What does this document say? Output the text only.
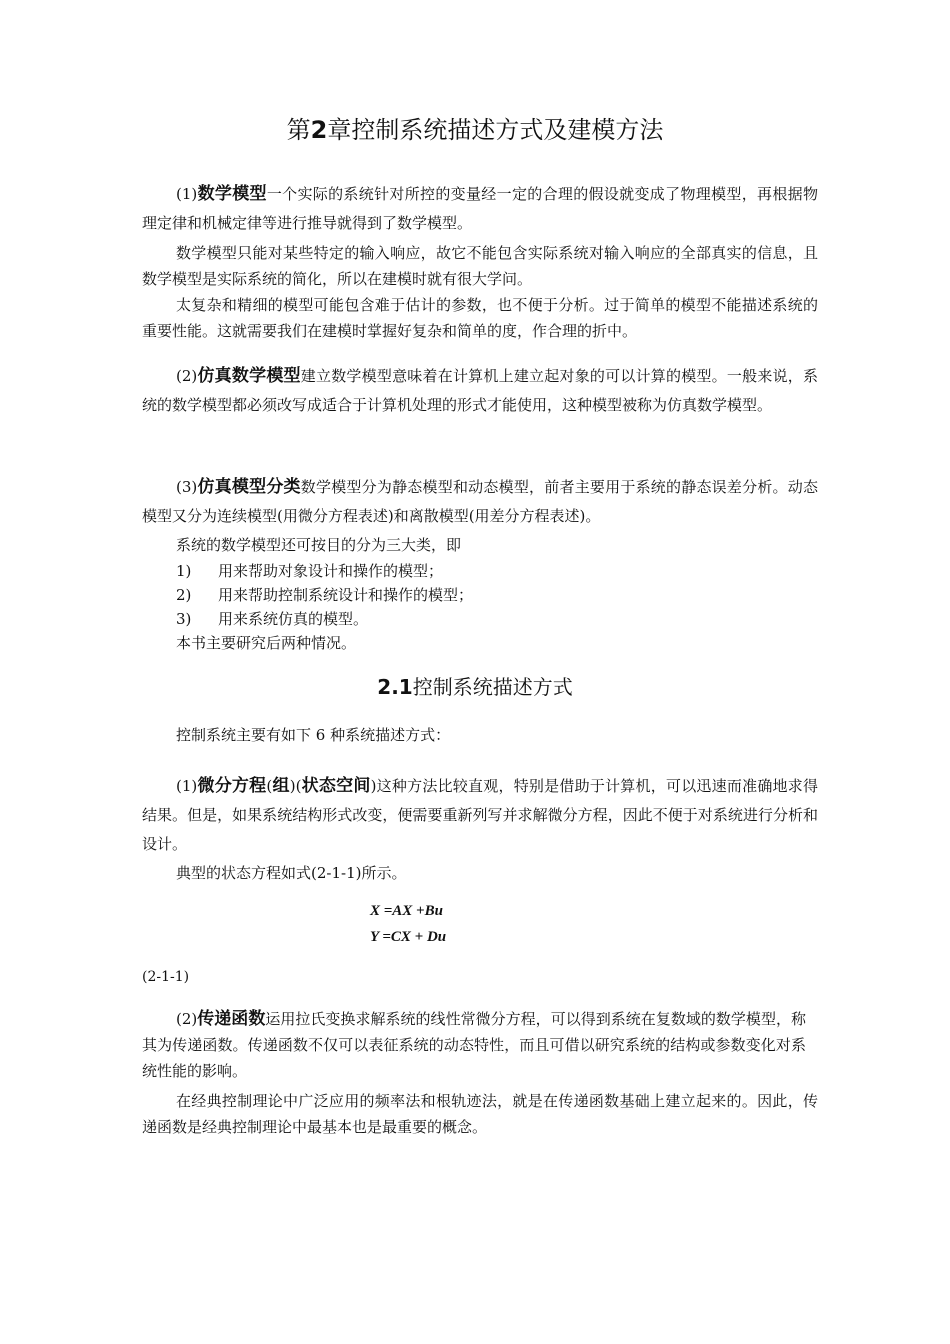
第2章控制系统描述方式及建模方法
(1)数学模型一个实际的系统针对所控的变量经一定的合理的假设就变成了物理模型，再根据物理定律和机械定律等进行推导就得到了数学模型。
数学模型只能对某些特定的输入响应，故它不能包含实际系统对输入响应的全部真实的信息，且数学模型是实际系统的简化，所以在建模时就有很大学问。
太复杂和精细的模型可能包含难于估计的参数，也不便于分析。过于简单的模型不能描述系统的重要性能。这就需要我们在建模时掌握好复杂和简单的度，作合理的折中。
(2)仿真数学模型建立数学模型意味着在计算机上建立起对象的可以计算的模型。一般来说，系统的数学模型都必须改写成适合于计算机处理的形式才能使用，这种模型被称为仿真数学模型。
(3)仿真模型分类数学模型分为静态模型和动态模型，前者主要用于系统的静态误差分析。动态模型又分为连续模型(用微分方程表述)和离散模型(用差分方程表述)。
系统的数学模型还可按目的分为三大类，即
1) 用来帮助对象设计和操作的模型；
2) 用来帮助控制系统设计和操作的模型；
3) 用来系统仿真的模型。
本书主要研究后两种情况。
2.1控制系统描述方式
控制系统主要有如下 6 种系统描述方式：
(1)微分方程(组)(状态空间)这种方法比较直观，特别是借助于计算机，可以迅速而准确地求得结果。但是，如果系统结构形式改变，便需要重新列写并求解微分方程，因此不便于对系统进行分析和设计。
典型的状态方程如式(2-1-1)所示。
X =AX +Bu
Y =CX + Du
(2-1-1)
(2)传递函数运用拉氏变换求解系统的线性常微分方程，可以得到系统在复数域的数学模型，称其为传递函数。传递函数不仅可以表征系统的动态特性，而且可借以研究系统的结构或参数变化对系统性能的影响。
在经典控制理论中广泛应用的频率法和根轨迹法，就是在传递函数基础上建立起来的。因此，传递函数是经典控制理论中最基本也是最重要的概念。
